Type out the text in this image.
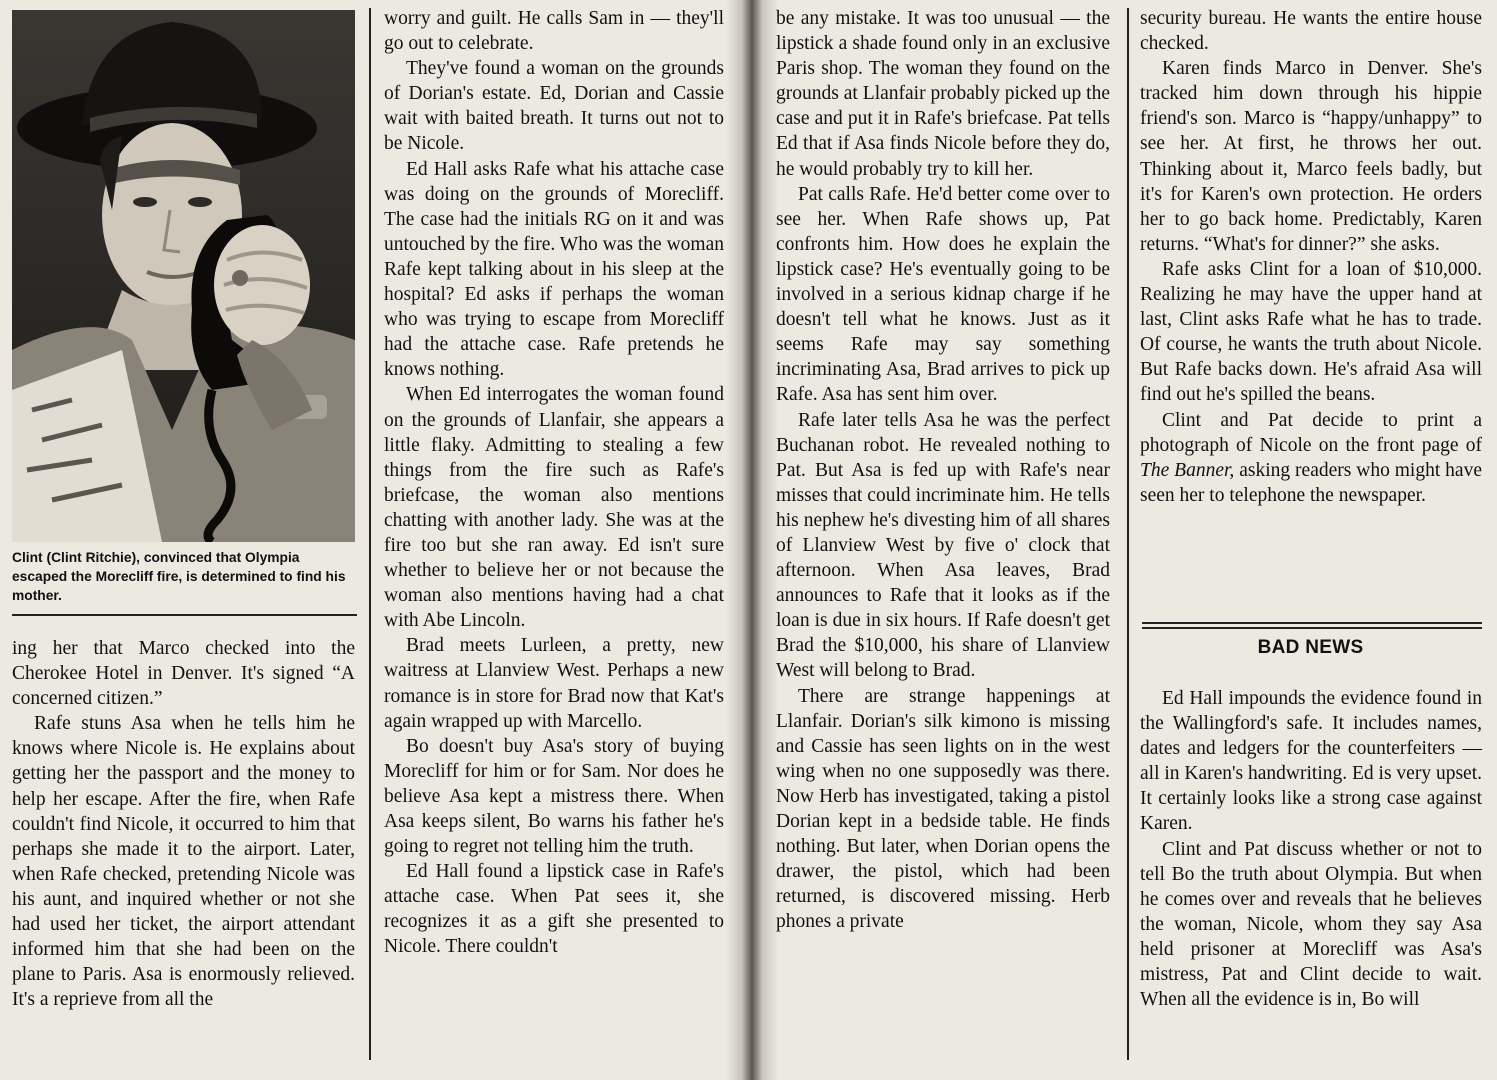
Clint (Clint Ritchie), convinced that Olympia escaped the Morecliff fire, is determined to find his mother.

ing her that Marco checked into the Cherokee Hotel in Denver. It's signed “A concerned citizen.”

Rafe stuns Asa when he tells him he knows where Nicole is. He explains about getting her the passport and the money to help her escape. After the fire, when Rafe couldn't find Nicole, it occurred to him that perhaps she made it to the airport. Later, when Rafe checked, pretending Nicole was his aunt, and inquired whether or not she had used her ticket, the airport attendant informed him that she had been on the plane to Paris. Asa is enormously relieved. It's a reprieve from all the

worry and guilt. He calls Sam in — they'll go out to celebrate.

They've found a woman on the grounds of Dorian's estate. Ed, Dorian and Cassie wait with baited breath. It turns out not to be Nicole.

Ed Hall asks Rafe what his attache case was doing on the grounds of Morecliff. The case had the initials RG on it and was untouched by the fire. Who was the woman Rafe kept talking about in his sleep at the hospital? Ed asks if perhaps the woman who was trying to escape from Morecliff had the attache case. Rafe pretends he knows nothing.

When Ed interrogates the woman found on the grounds of Llanfair, she appears a little flaky. Admitting to stealing a few things from the fire such as Rafe's briefcase, the woman also mentions chatting with another lady. She was at the fire too but she ran away. Ed isn't sure whether to believe her or not because the woman also mentions having had a chat with Abe Lincoln.

Brad meets Lurleen, a pretty, new waitress at Llanview West. Perhaps a new romance is in store for Brad now that Kat's again wrapped up with Marcello.

Bo doesn't buy Asa's story of buying Morecliff for him or for Sam. Nor does he believe Asa kept a mistress there. When Asa keeps silent, Bo warns his father he's going to regret not telling him the truth.

Ed Hall found a lipstick case in Rafe's attache case. When Pat sees it, she recognizes it as a gift she presented to Nicole. There couldn't

be any mistake. It was too unusual — the lipstick a shade found only in an exclusive Paris shop. The woman they found on the grounds at Llanfair probably picked up the case and put it in Rafe's briefcase. Pat tells Ed that if Asa finds Nicole before they do, he would probably try to kill her.

Pat calls Rafe. He'd better come over to see her. When Rafe shows up, Pat confronts him. How does he explain the lipstick case? He's eventually going to be involved in a serious kidnap charge if he doesn't tell what he knows. Just as it seems Rafe may say something incriminating Asa, Brad arrives to pick up Rafe. Asa has sent him over.

Rafe later tells Asa he was the perfect Buchanan robot. He revealed nothing to Pat. But Asa is fed up with Rafe's near misses that could incriminate him. He tells his nephew he's divesting him of all shares of Llanview West by five o' clock that afternoon. When Asa leaves, Brad announces to Rafe that it looks as if the loan is due in six hours. If Rafe doesn't get Brad the $10,000, his share of Llanview West will belong to Brad.

There are strange happenings at Llanfair. Dorian's silk kimono is missing and Cassie has seen lights on in the west wing when no one supposedly was there. Now Herb has investigated, taking a pistol Dorian kept in a bedside table. He finds nothing. But later, when Dorian opens the drawer, the pistol, which had been returned, is discovered missing. Herb phones a private

security bureau. He wants the entire house checked.

Karen finds Marco in Denver. She's tracked him down through his hippie friend's son. Marco is “happy/unhappy” to see her. At first, he throws her out. Thinking about it, Marco feels badly, but it's for Karen's own protection. He orders her to go back home. Predictably, Karen returns. “What's for dinner?” she asks.

Rafe asks Clint for a loan of $10,000. Realizing he may have the upper hand at last, Clint asks Rafe what he has to trade. Of course, he wants the truth about Nicole. But Rafe backs down. He's afraid Asa will find out he's spilled the beans.

Clint and Pat decide to print a photograph of Nicole on the front page of The Banner, asking readers who might have seen her to telephone the newspaper.

BAD NEWS

Ed Hall impounds the evidence found in the Wallingford's safe. It includes names, dates and ledgers for the counterfeiters — all in Karen's handwriting. Ed is very upset. It certainly looks like a strong case against Karen.

Clint and Pat discuss whether or not to tell Bo the truth about Olympia. But when he comes over and reveals that he believes the woman, Nicole, whom they say Asa held prisoner at Morecliff was Asa's mistress, Pat and Clint decide to wait. When all the evidence is in, Bo will
